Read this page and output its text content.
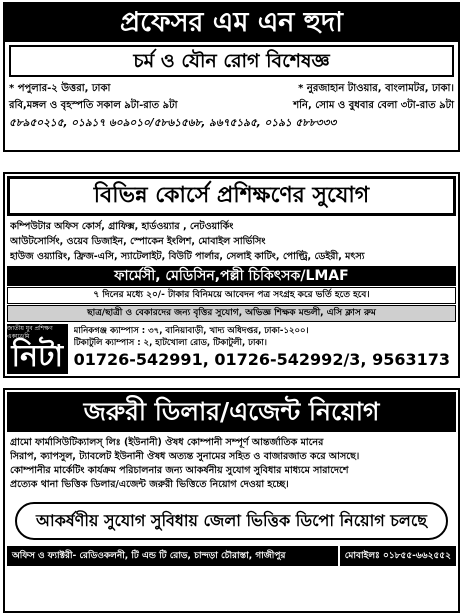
প্রফেসর এম এন হুদা
চর্ম ও যৌন রোগ বিশেষজ্ঞ
* পপুলার-২ উত্তরা, ঢাকা	* নুরজাহান টাওয়ার, বাংলামটর, ঢাকা।
রবি,মঙ্গল ও বৃহস্পতি সকাল ৯টা-রাত ৯টা	শনি, সোম ও বুধবার বেলা ৩টা-রাত ৯টা
৫৮৯৫০২১৫, ০১৯১৭ ৬০৯০১০/৫৮৬১৫৬৮, ৯৬৭৫১৯৫, ০১৯১ ৫৮৮৩৩৩
বিভিন্ন কোর্সে প্রশিক্ষণের সুযোগ
কম্পিউটার অফিস কোর্স, গ্রাফিক্স, হার্ডওয়্যার , নেটওয়ার্কিং
আউটসোর্সিং, ওয়েব ডিজাইন, স্পোকেন ইংলিশ, মোবাইল সার্ভিসিং
হাউজ ওয়্যারিং, ফ্রিজ-এসি, স্যাটেলাইট, বিউটি পার্লার, সেলাই কাটিং, পোল্ট্রি, ডেইরী, মৎস্য
ফার্মেসী, মেডিসিন,পল্লী চিকিৎসক/LMAF
৭ দিনের মধ্যে ২০/- টাকার বিনিময়ে আবেদন পত্র সংগ্রহ করে ভর্তি হতে হবে।
ছাত্র/ছাত্রী ও বেকারদের জন্য বৃত্তির সুযোগ, অভিজ্ঞ শিক্ষক মন্ডলী, এসি ক্লাস রুম
জাতীয় যুব প্রশিক্ষণ একাডেমি
নিটা
মানিকগঞ্জ ক্যাম্পাস : ৩৭, বানিয়াবাড়ী, খাদ্য অধিদপ্তর, ঢাকা-১২০০।
টিকাটুলি ক্যাম্পাস : ২, হাটখোলা রোড, টিকাটুলী, ঢাকা।
01726-542991, 01726-542992/3, 9563173
জরুরী ডিলার/এজেন্ট নিয়োগ
গ্রামো ফার্মাসিউটিক্যালস্ লিঃ (ইউনানী) ঔষধ কোম্পানী সম্পূর্ণ আন্তর্জাতিক মানের
সিরাপ, ক্যাপসুল, ট্যাবলেট ইউনানী ঔষধ অত্যন্ত সুনামের সহিত ও বাজারজাত করে আসছে।
কোম্পানীর মার্কেটিং কার্যক্রম পরিচালনার জন্য আকর্ষনীয় সুযোগ সুবিধার মাধ্যমে সারাদেশে
প্রত্যেক থানা ভিত্তিক ডিলার/এজেন্ট জরুরী ভিত্তিতে নিয়োগ দেওয়া হচ্ছে।
আকর্ষণীয় সুযোগ সুবিধায় জেলা ভিত্তিক ডিপো নিয়োগ চলছে
অফিস ও ফ্যাক্টরী- রেডিওকলনী, টি এন্ড টি রোড, চান্দড়া চৌরাস্তা, গাজীপুর	মোবাইলঃ ০১৮৫৫-৬৬২৫৫২
